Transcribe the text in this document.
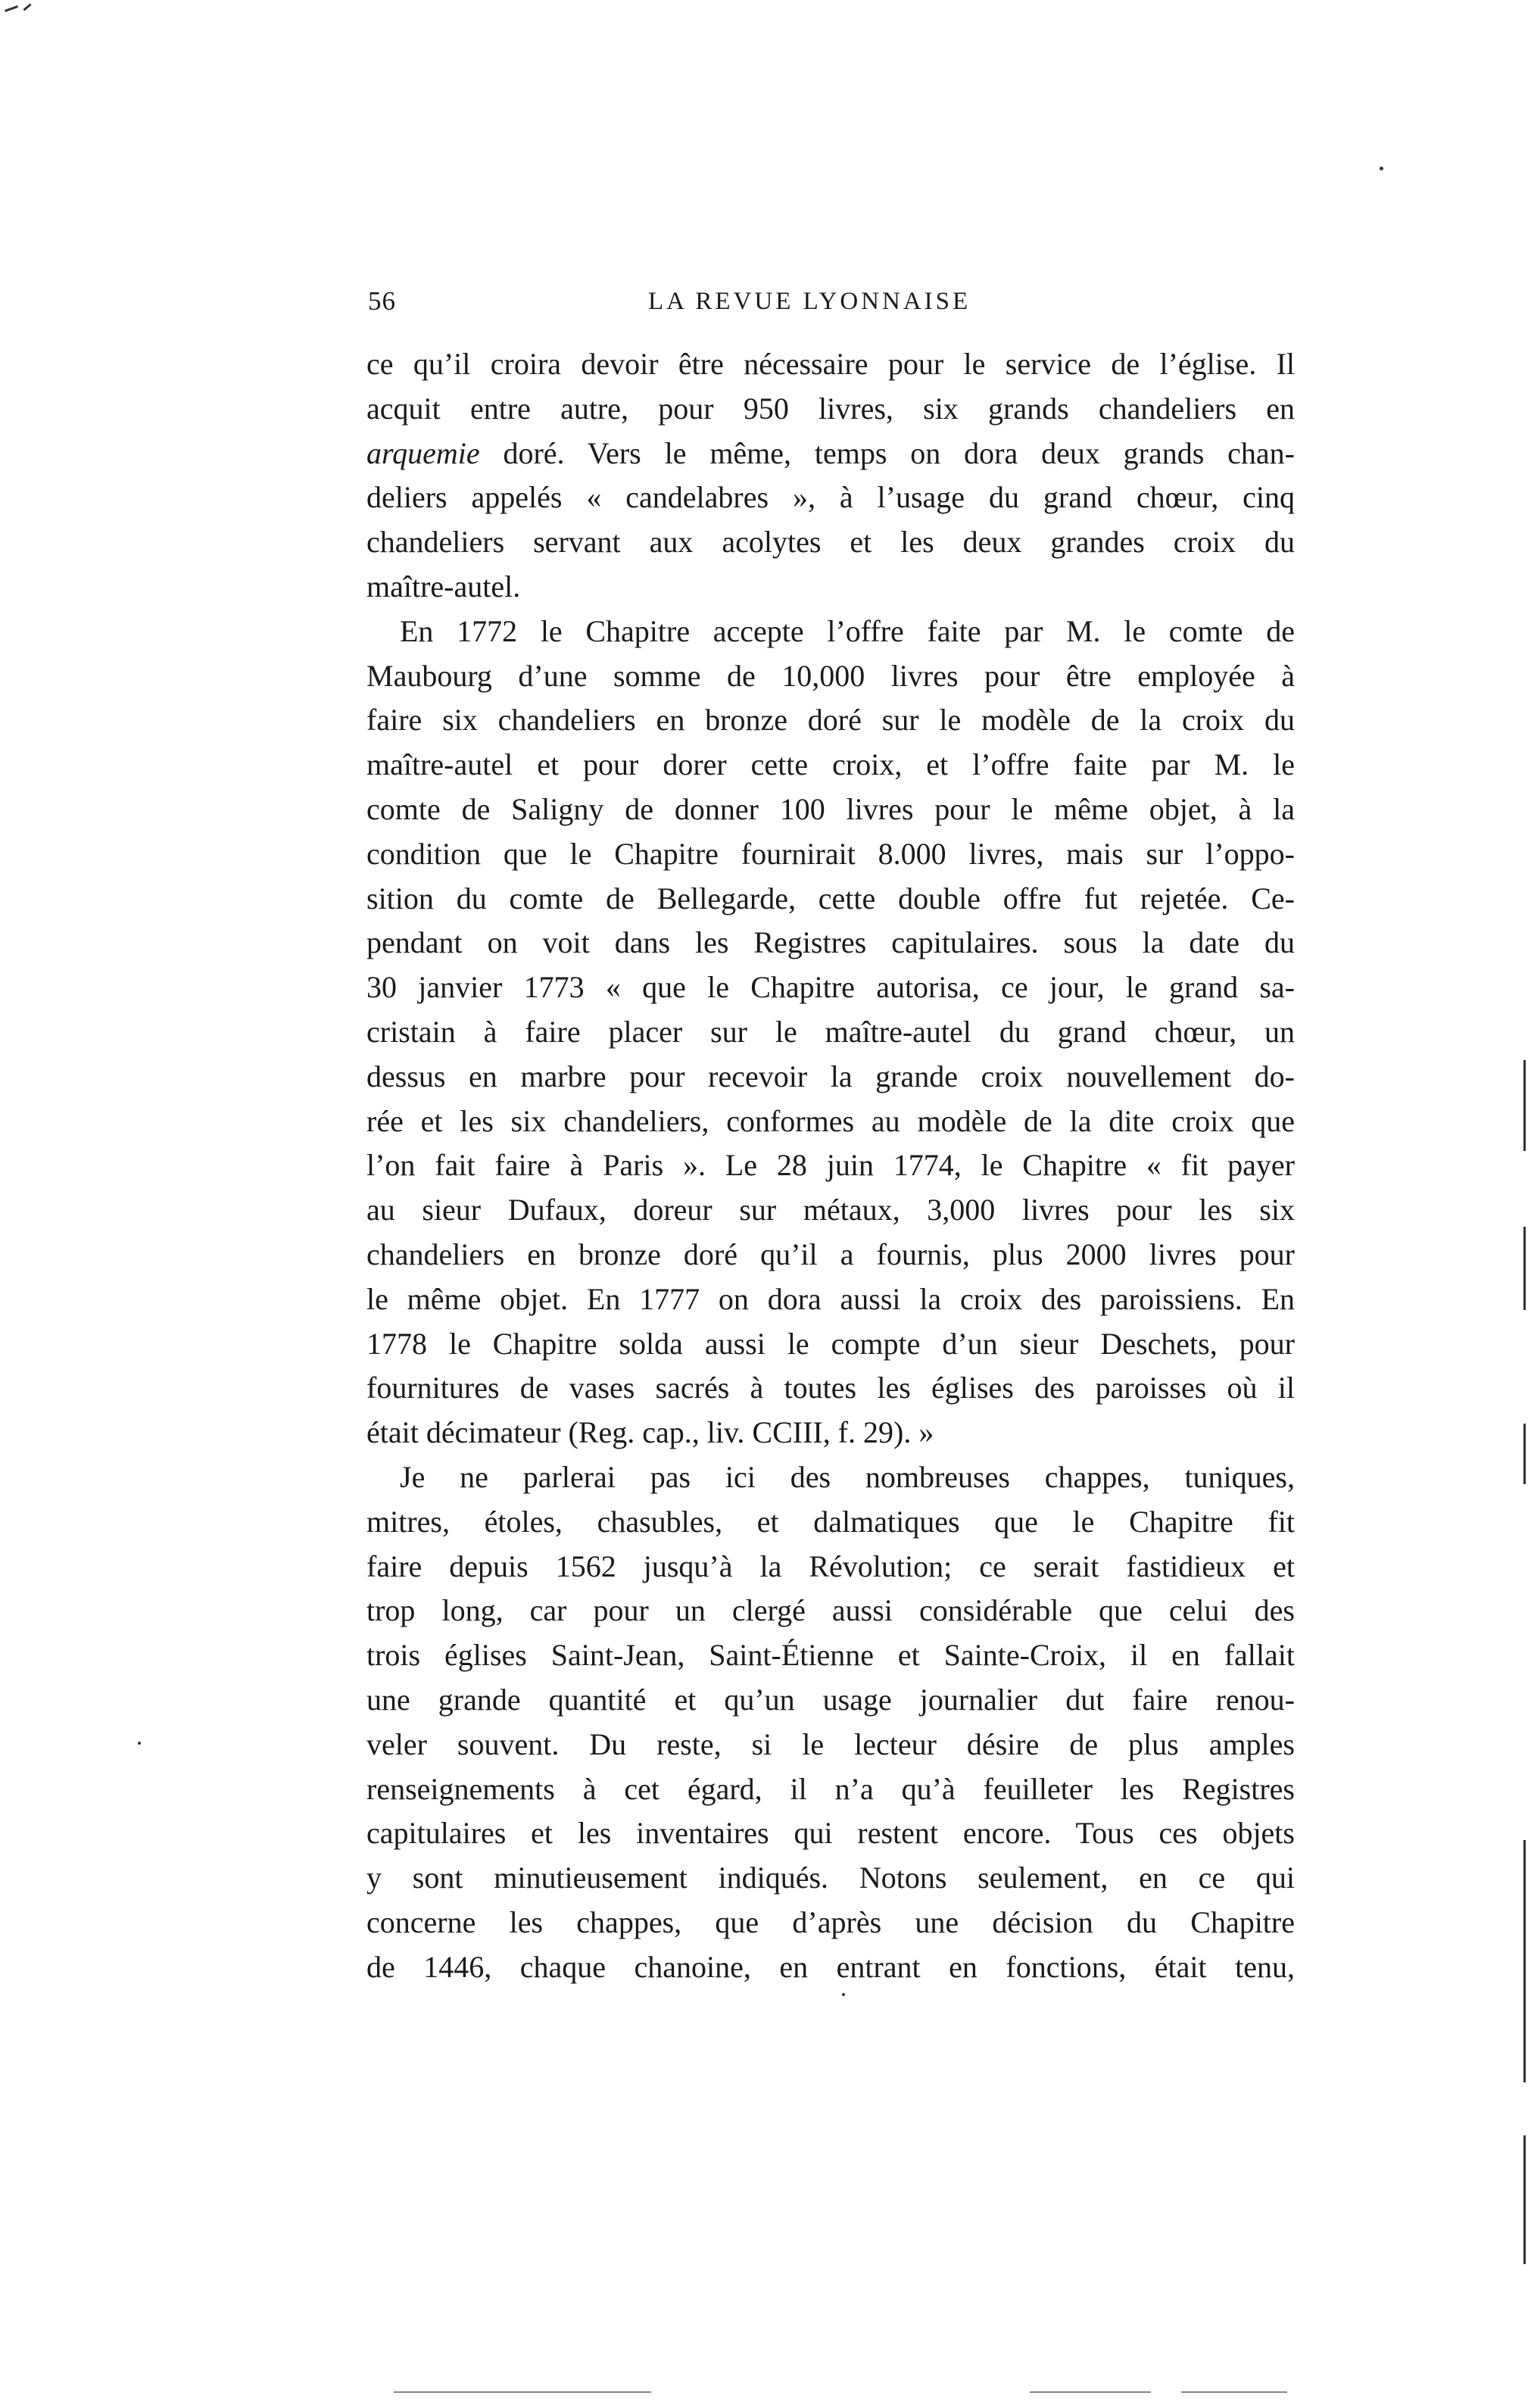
56	LA REVUE LYONNAISE
ce qu’il croira devoir être nécessaire pour le service de l’église. Il
acquit entre autre, pour 950 livres, six grands chandeliers en
arquemie doré. Vers le même, temps on dora deux grands chan-
deliers appelés « candelabres », à l’usage du grand chœur, cinq
chandeliers servant aux acolytes et les deux grandes croix du
maître-autel.
En 1772 le Chapitre accepte l’offre faite par M. le comte de
Maubourg d’une somme de 10,000 livres pour être employée à
faire six chandeliers en bronze doré sur le modèle de la croix du
maître-autel et pour dorer cette croix, et l’offre faite par M. le
comte de Saligny de donner 100 livres pour le même objet, à la
condition que le Chapitre fournirait 8.000 livres, mais sur l’oppo-
sition du comte de Bellegarde, cette double offre fut rejetée. Ce-
pendant on voit dans les Registres capitulaires. sous la date du
30 janvier 1773 « que le Chapitre autorisa, ce jour, le grand sa-
cristain à faire placer sur le maître-autel du grand chœur, un
dessus en marbre pour recevoir la grande croix nouvellement do-
rée et les six chandeliers, conformes au modèle de la dite croix que
l’on fait faire à Paris ». Le 28 juin 1774, le Chapitre « fit payer
au sieur Dufaux, doreur sur métaux, 3,000 livres pour les six
chandeliers en bronze doré qu’il a fournis, plus 2000 livres pour
le même objet. En 1777 on dora aussi la croix des paroissiens. En
1778 le Chapitre solda aussi le compte d’un sieur Deschets, pour
fournitures de vases sacrés à toutes les églises des paroisses où il
était décimateur (Reg. cap., liv. CCIII, f. 29). »
Je ne parlerai pas ici des nombreuses chappes, tuniques,
mitres, étoles, chasubles, et dalmatiques que le Chapitre fit
faire depuis 1562 jusqu’à la Révolution; ce serait fastidieux et
trop long, car pour un clergé aussi considérable que celui des
trois églises Saint-Jean, Saint-Étienne et Sainte-Croix, il en fallait
une grande quantité et qu’un usage journalier dut faire renou-
veler souvent. Du reste, si le lecteur désire de plus amples
renseignements à cet égard, il n’a qu’à feuilleter les Registres
capitulaires et les inventaires qui restent encore. Tous ces objets
y sont minutieusement indiqués. Notons seulement, en ce qui
concerne les chappes, que d’après une décision du Chapitre
de 1446, chaque chanoine, en entrant en fonctions, était tenu,
